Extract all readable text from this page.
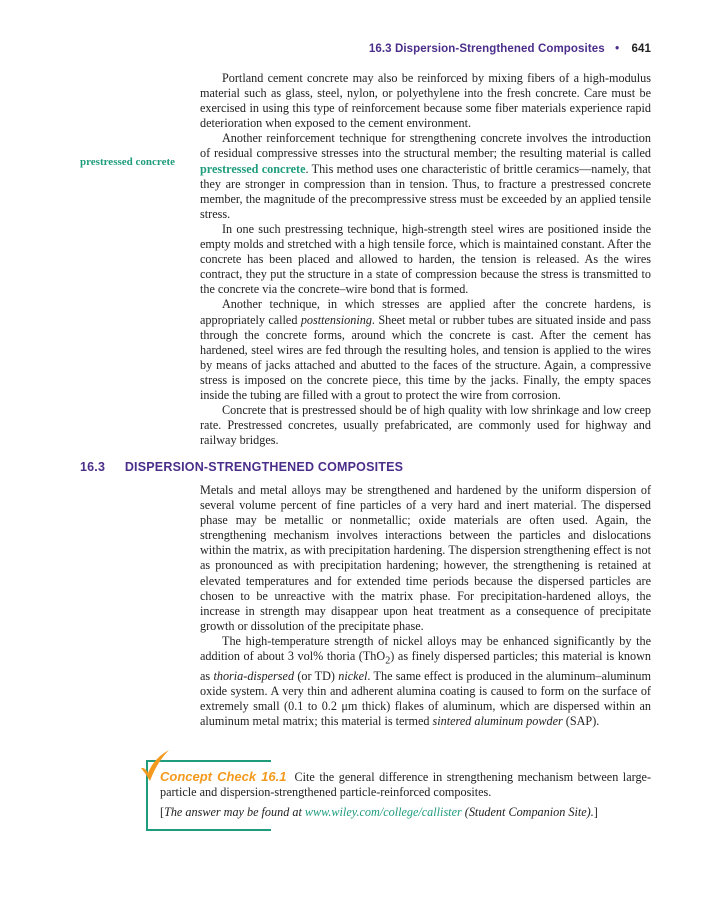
16.3 Dispersion-Strengthened Composites • 641
prestressed concrete

Portland cement concrete may also be reinforced by mixing fibers of a high-modulus material such as glass, steel, nylon, or polyethylene into the fresh concrete. Care must be exercised in using this type of reinforcement because some fiber materials experience rapid deterioration when exposed to the cement environment.

Another reinforcement technique for strengthening concrete involves the introduction of residual compressive stresses into the structural member; the resulting material is called prestressed concrete. This method uses one characteristic of brittle ceramics—namely, that they are stronger in compression than in tension. Thus, to fracture a prestressed concrete member, the magnitude of the precompressive stress must be exceeded by an applied tensile stress.

In one such prestressing technique, high-strength steel wires are positioned inside the empty molds and stretched with a high tensile force, which is maintained constant. After the concrete has been placed and allowed to harden, the tension is released. As the wires contract, they put the structure in a state of compression because the stress is transmitted to the concrete via the concrete–wire bond that is formed.

Another technique, in which stresses are applied after the concrete hardens, is appropriately called posttensioning. Sheet metal or rubber tubes are situated inside and pass through the concrete forms, around which the concrete is cast. After the cement has hardened, steel wires are fed through the resulting holes, and tension is applied to the wires by means of jacks attached and abutted to the faces of the structure. Again, a compressive stress is imposed on the concrete piece, this time by the jacks. Finally, the empty spaces inside the tubing are filled with a grout to protect the wire from corrosion.

Concrete that is prestressed should be of high quality with low shrinkage and low creep rate. Prestressed concretes, usually prefabricated, are commonly used for highway and railway bridges.

16.3 DISPERSION-STRENGTHENED COMPOSITES

Metals and metal alloys may be strengthened and hardened by the uniform dispersion of several volume percent of fine particles of a very hard and inert material. The dispersed phase may be metallic or nonmetallic; oxide materials are often used. Again, the strengthening mechanism involves interactions between the particles and dislocations within the matrix, as with precipitation hardening. The dispersion strengthening effect is not as pronounced as with precipitation hardening; however, the strengthening is retained at elevated temperatures and for extended time periods because the dispersed particles are chosen to be unreactive with the matrix phase. For precipitation-hardened alloys, the increase in strength may disappear upon heat treatment as a consequence of precipitate growth or dissolution of the precipitate phase.

The high-temperature strength of nickel alloys may be enhanced significantly by the addition of about 3 vol% thoria (ThO$_2$) as finely dispersed particles; this material is known as thoria-dispersed (or TD) nickel. The same effect is produced in the aluminum–aluminum oxide system. A very thin and adherent alumina coating is caused to form on the surface of extremely small (0.1 to 0.2 μm thick) flakes of aluminum, which are dispersed within an aluminum metal matrix; this material is termed sintered aluminum powder (SAP).

Concept Check 16.1 Cite the general difference in strengthening mechanism between large-particle and dispersion-strengthened particle-reinforced composites.
[The answer may be found at www.wiley.com/college/callister (Student Companion Site).]
